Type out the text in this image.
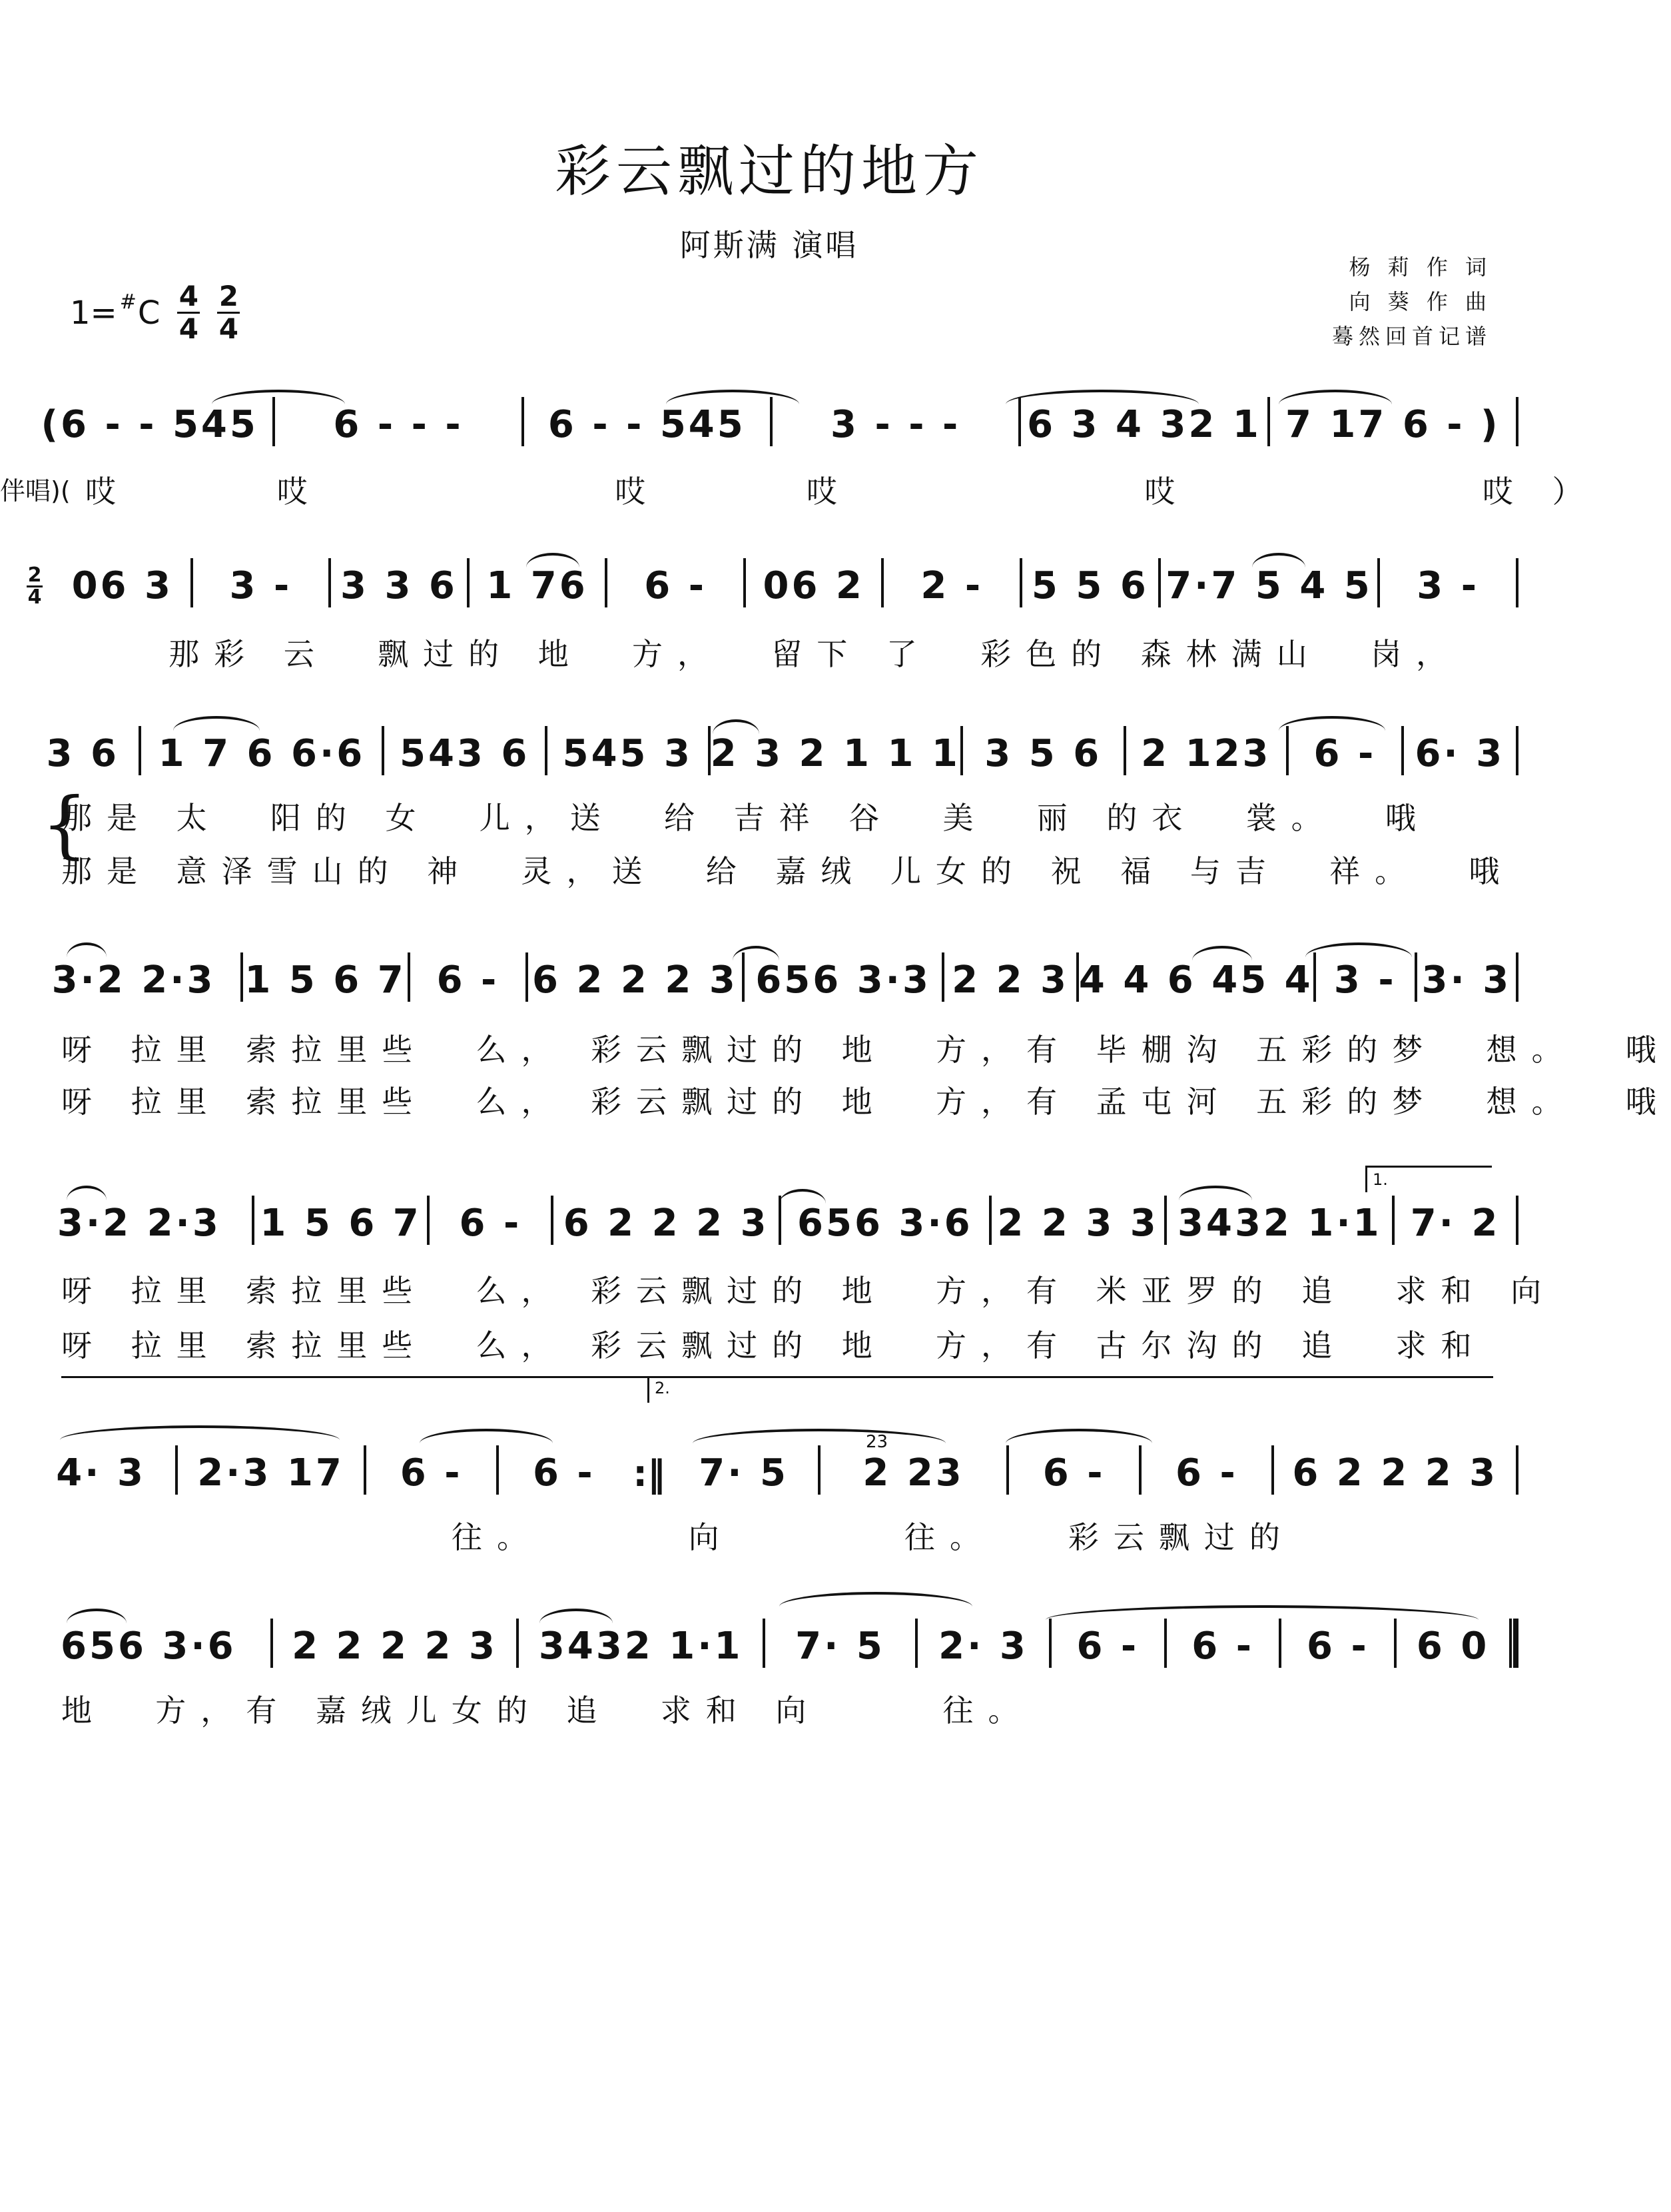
彩云飘过的地方
阿斯满 演唱
杨 莉 作 词
向 葵 作 曲
蓦然回首记谱
1= # C $\frac{4}{4} \frac{2}{4}$
(6 - - 545	6 - - -	6 - - 545	3 - - -	6 3 4 32 1 7 17 6 - )
伴唱)( 哎      哎            哎      哎            哎            哎 ）
2
4 06 3	3 -	3 3 6 1 76	6 -	06 2	2 -	5 5 6 7·7 5 4 5	3 -
那彩 云  飘过的 地  方，  留下 了  彩色的 森林满山  岗，
3 6	1 7 6 6·6 543 6 545 3 2 3 2 1 1 1 3 5 6	2 123	6 -	6· 3
{
那是 太  阳的 女  儿，送  给 吉祥 谷  美  丽 的衣  裳。  哦
那是 意泽雪山的 神  灵，送  给 嘉绒 儿女的 祝 福 与吉  祥。  哦
3·2 2·3 1 5 6 7 6 - 6 2 2 2 3 656 3·3 2 2 3 4 4 6 45 4 3 - 3· 3
呀 拉里 索拉里些  么， 彩云飘过的 地  方，有 毕棚沟 五彩的梦  想。  哦
呀 拉里 索拉里些  么， 彩云飘过的 地  方，有 孟屯河 五彩的梦  想。  哦
1.
3·2 2·3	1 5 6 7	6 -	6 2 2 2 3 656 3·6 2 2 3 3 3432 1·1 7· 2
呀 拉里 索拉里些  么， 彩云飘过的 地  方，有 米亚罗的 追  求和 向
呀 拉里 索拉里些  么， 彩云飘过的 地  方，有 古尔沟的 追  求和
2.
4· 3	2·3 17	6 -	6 -	:‖ 7· 5	2 23	6 -	6 -	6 2 2 2 3
23
往。      向       往。   彩云飘过的
656 3·6	2 2 2 2 3	3432 1·1	7· 5	2· 3	6 -	6 -	6 -	6 0
地  方，有 嘉绒儿女的 追  求和 向     往。
